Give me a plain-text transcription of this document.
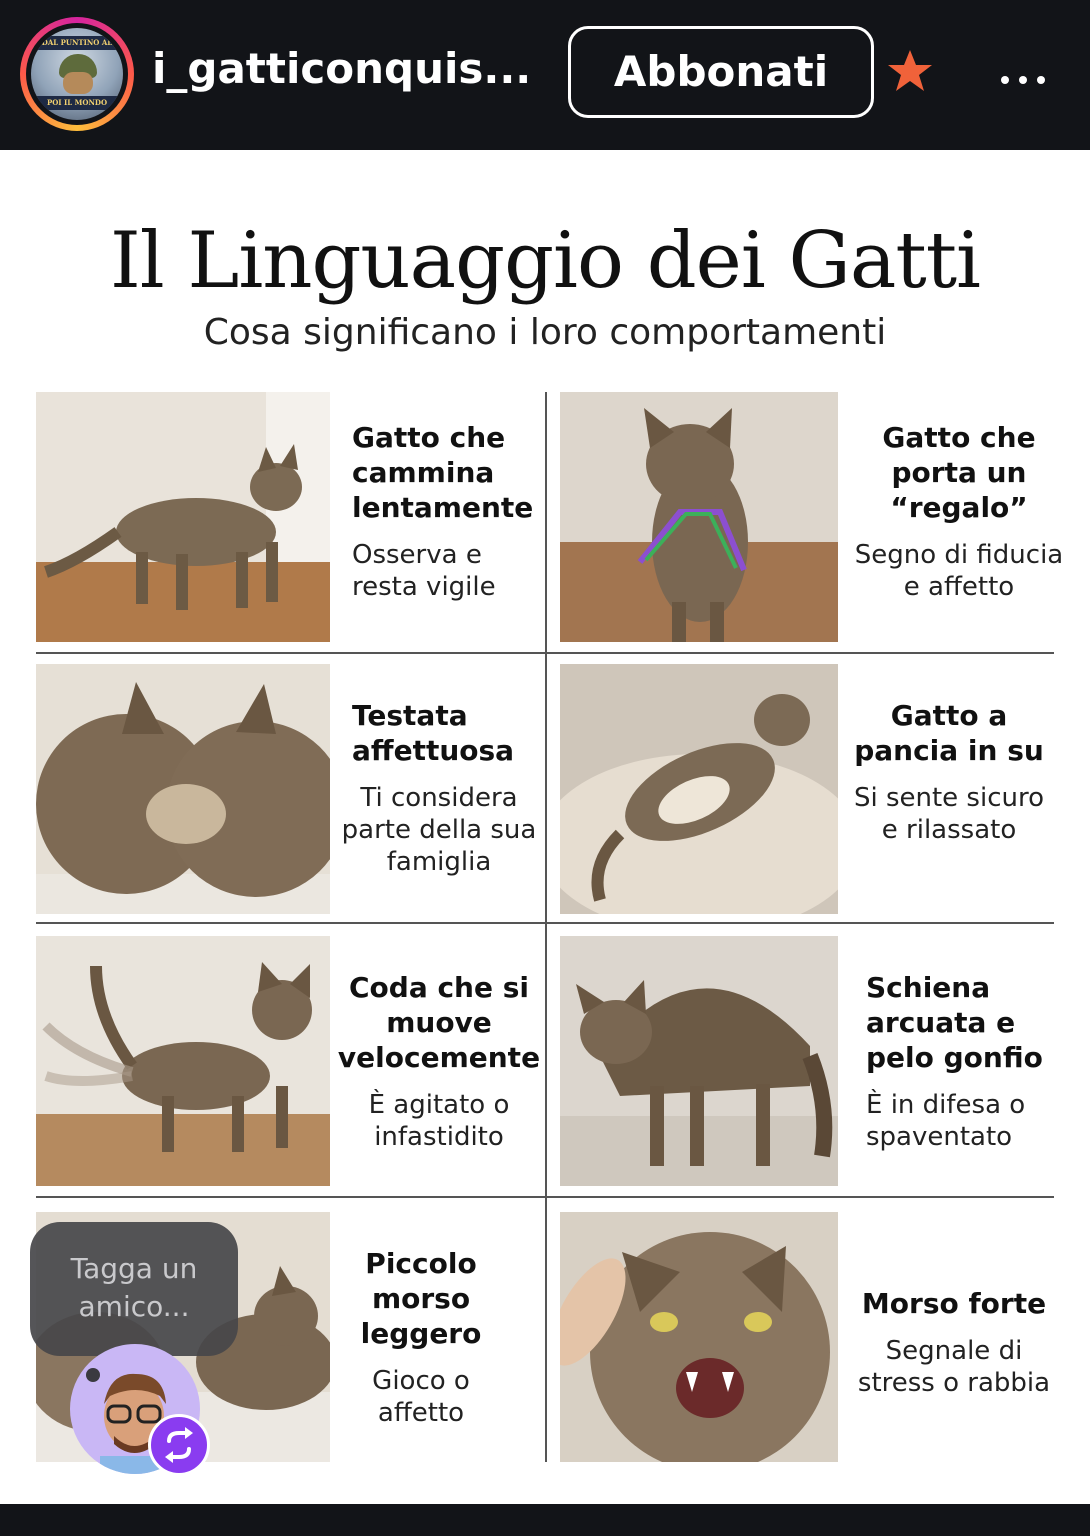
DAL PUNTINO AL
POI IL MONDO
i_gatticonquis...	Abbonati
Il Linguaggio dei Gatti
Cosa significano i loro comportamenti
Gatto che cammina lentamente
Osserva e resta vigile
Gatto che porta un “regalo”
Segno di fiducia e affetto
Testata affettuosa
Ti considera parte della sua famiglia
Gatto a pancia in su
Si sente sicuro e rilassato
Coda che si muove velocemente
È agitato o infastidito
Schiena arcuata e pelo gonfio
È in difesa o spaventato
Piccolo morso leggero
Gioco o affetto
Morso forte
Segnale di stress o rabbia
Tagga un amico...
